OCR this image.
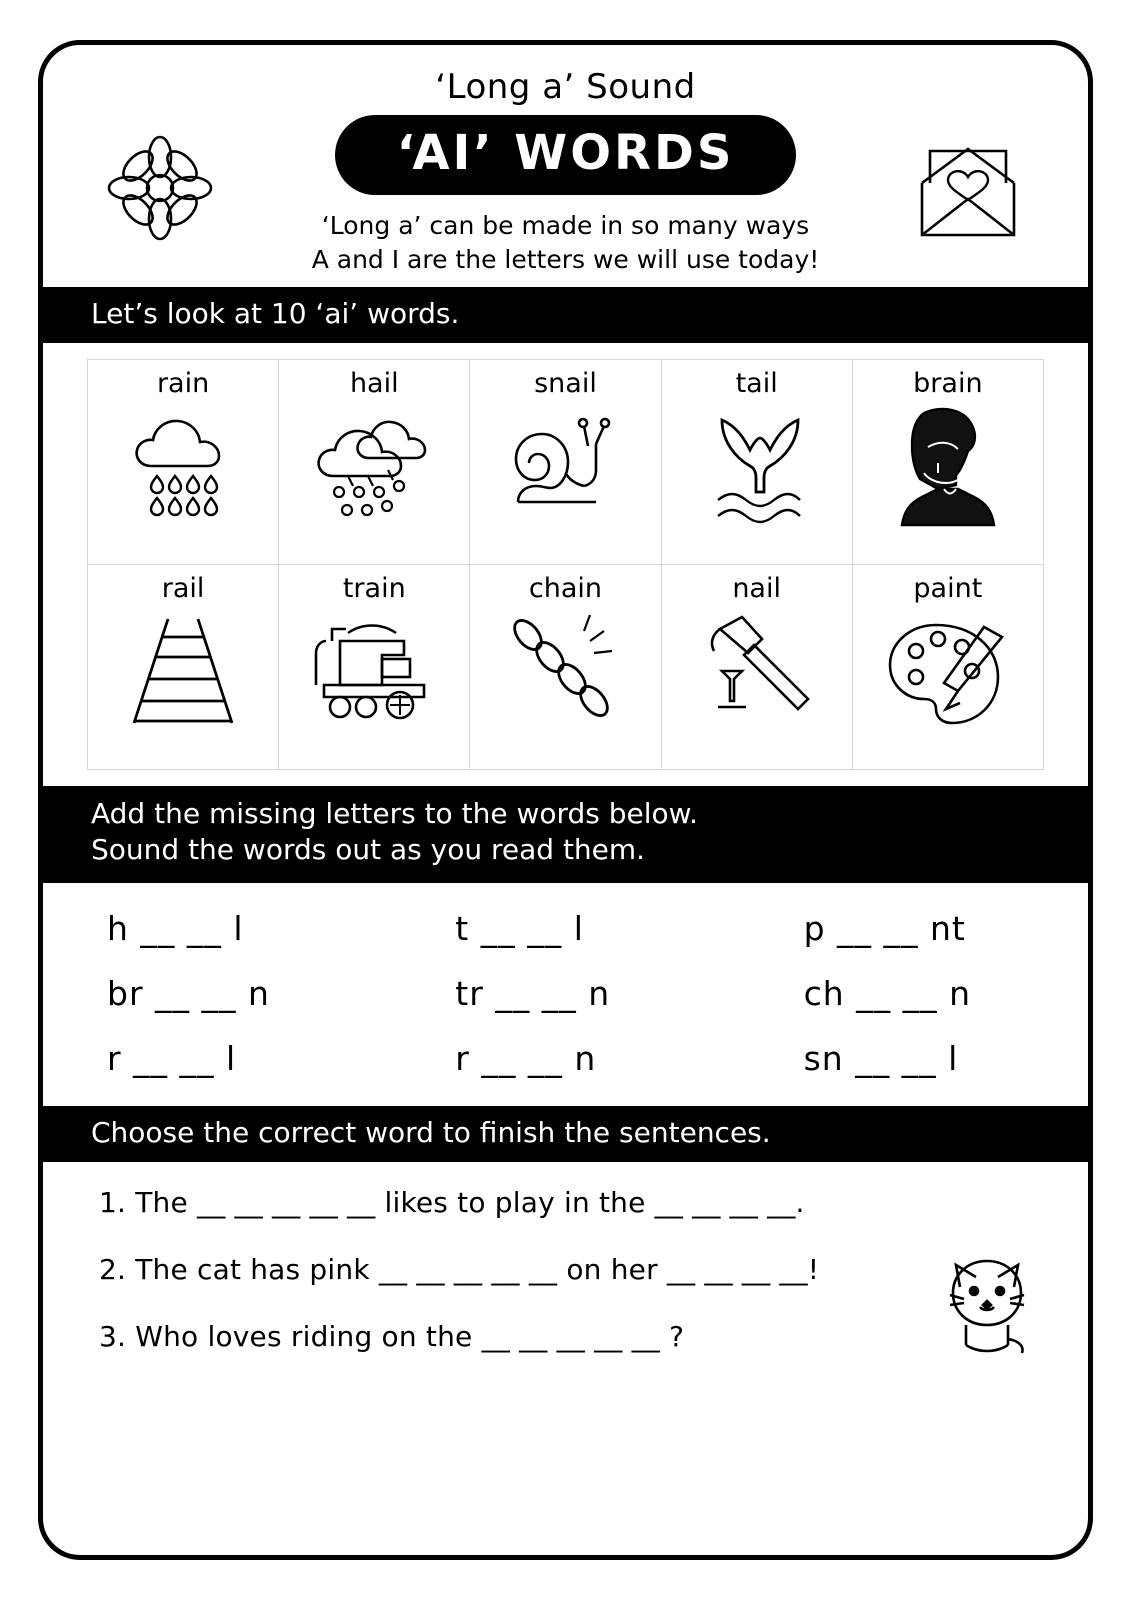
‘Long a’ Sound
‘AI’ WORDS
‘Long a’ can be made in so many ways
A and I are the letters we will use today!
Let’s look at 10 ‘ai’ words.
rain	hail	snail	tail	brain

rail	train	chain	nail	paint
Add the missing letters to the words below.
Sound the words out as you read them.
h __ __ l	t __ __ l	p __ __ nt
br __ __ n	tr __ __ n	ch __ __ n
r __ __ l	r __ __ n	sn __ __ l
Choose the correct word to finish the sentences.
1. The __ __ __ __ __ likes to play in the __ __ __ __.
2. The cat has pink __ __ __ __ __ on her __ __ __ __!
3. Who loves riding on the __ __ __ __ __ ?
